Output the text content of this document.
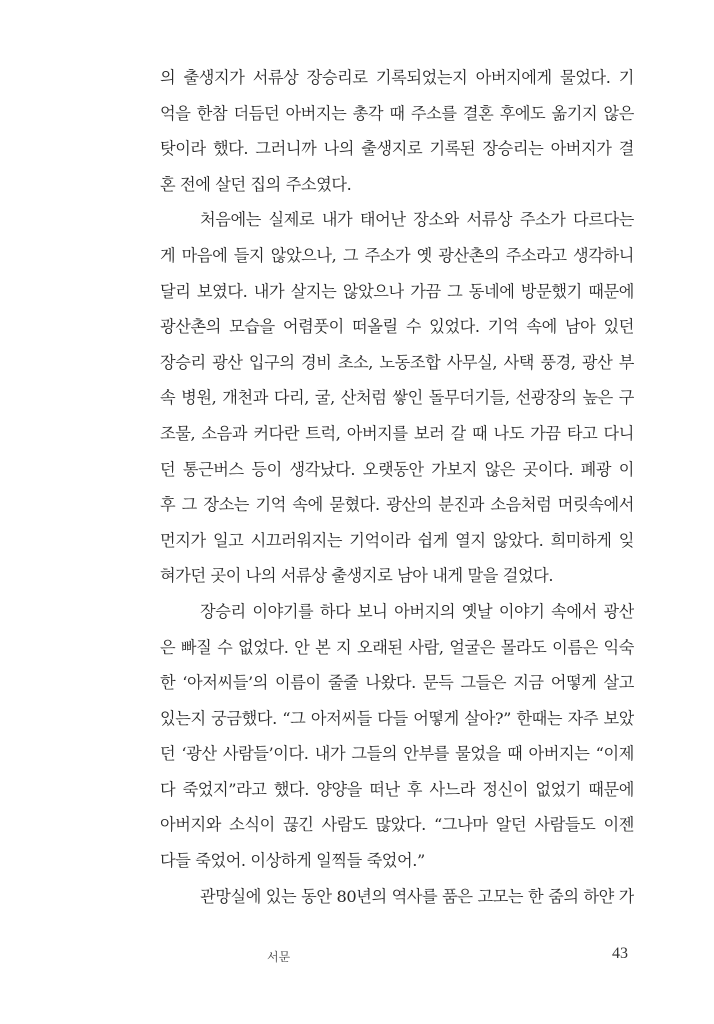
의 출생지가 서류상 장승리로 기록되었는지 아버지에게 물었다. 기
억을 한참 더듬던 아버지는 총각 때 주소를 결혼 후에도 옮기지 않은
탓이라 했다. 그러니까 나의 출생지로 기록된 장승리는 아버지가 결
혼 전에 살던 집의 주소였다.
처음에는 실제로 내가 태어난 장소와 서류상 주소가 다르다는
게 마음에 들지 않았으나, 그 주소가 옛 광산촌의 주소라고 생각하니
달리 보였다. 내가 살지는 않았으나 가끔 그 동네에 방문했기 때문에
광산촌의 모습을 어렴풋이 떠올릴 수 있었다. 기억 속에 남아 있던
장승리 광산 입구의 경비 초소, 노동조합 사무실, 사택 풍경, 광산 부
속 병원, 개천과 다리, 굴, 산처럼 쌓인 돌무더기들, 선광장의 높은 구
조물, 소음과 커다란 트럭, 아버지를 보러 갈 때 나도 가끔 타고 다니
던 통근버스 등이 생각났다. 오랫동안 가보지 않은 곳이다. 폐광 이
후 그 장소는 기억 속에 묻혔다. 광산의 분진과 소음처럼 머릿속에서
먼지가 일고 시끄러워지는 기억이라 쉽게 열지 않았다. 희미하게 잊
혀가던 곳이 나의 서류상 출생지로 남아 내게 말을 걸었다.
장승리 이야기를 하다 보니 아버지의 옛날 이야기 속에서 광산
은 빠질 수 없었다. 안 본 지 오래된 사람, 얼굴은 몰라도 이름은 익숙
한 ‘아저씨들’의 이름이 줄줄 나왔다. 문득 그들은 지금 어떻게 살고
있는지 궁금했다. “그 아저씨들 다들 어떻게 살아?” 한때는 자주 보았
던 ‘광산 사람들’이다. 내가 그들의 안부를 물었을 때 아버지는 “이제
다 죽었지”라고 했다. 양양을 떠난 후 사느라 정신이 없었기 때문에
아버지와 소식이 끊긴 사람도 많았다. “그나마 알던 사람들도 이젠
다들 죽었어. 이상하게 일찍들 죽었어.”
관망실에 있는 동안 80년의 역사를 품은 고모는 한 줌의 하얀 가
서문	43
